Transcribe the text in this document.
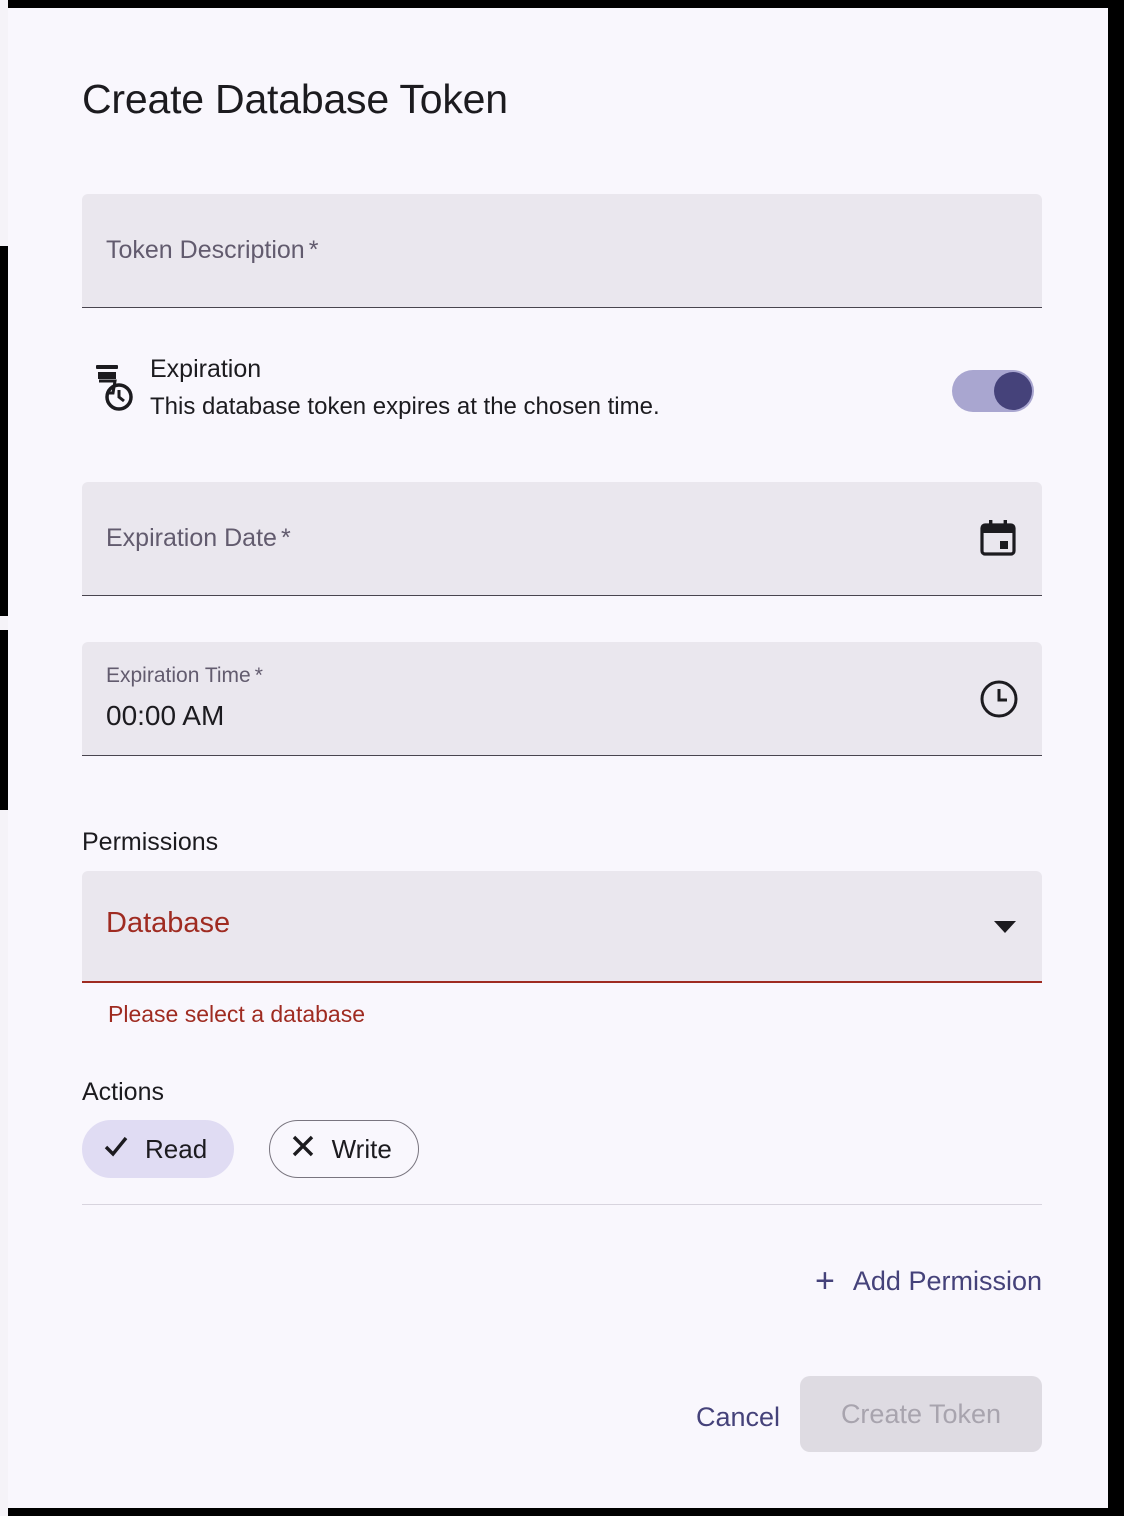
Create Database Token
Token Description *
Expiration
This database token expires at the chosen time.
Expiration Date *
Expiration Time *
00:00 AM
Permissions
Database
Please select a database
Actions
Read
	Write
+ Add Permission
Cancel	Create Token
